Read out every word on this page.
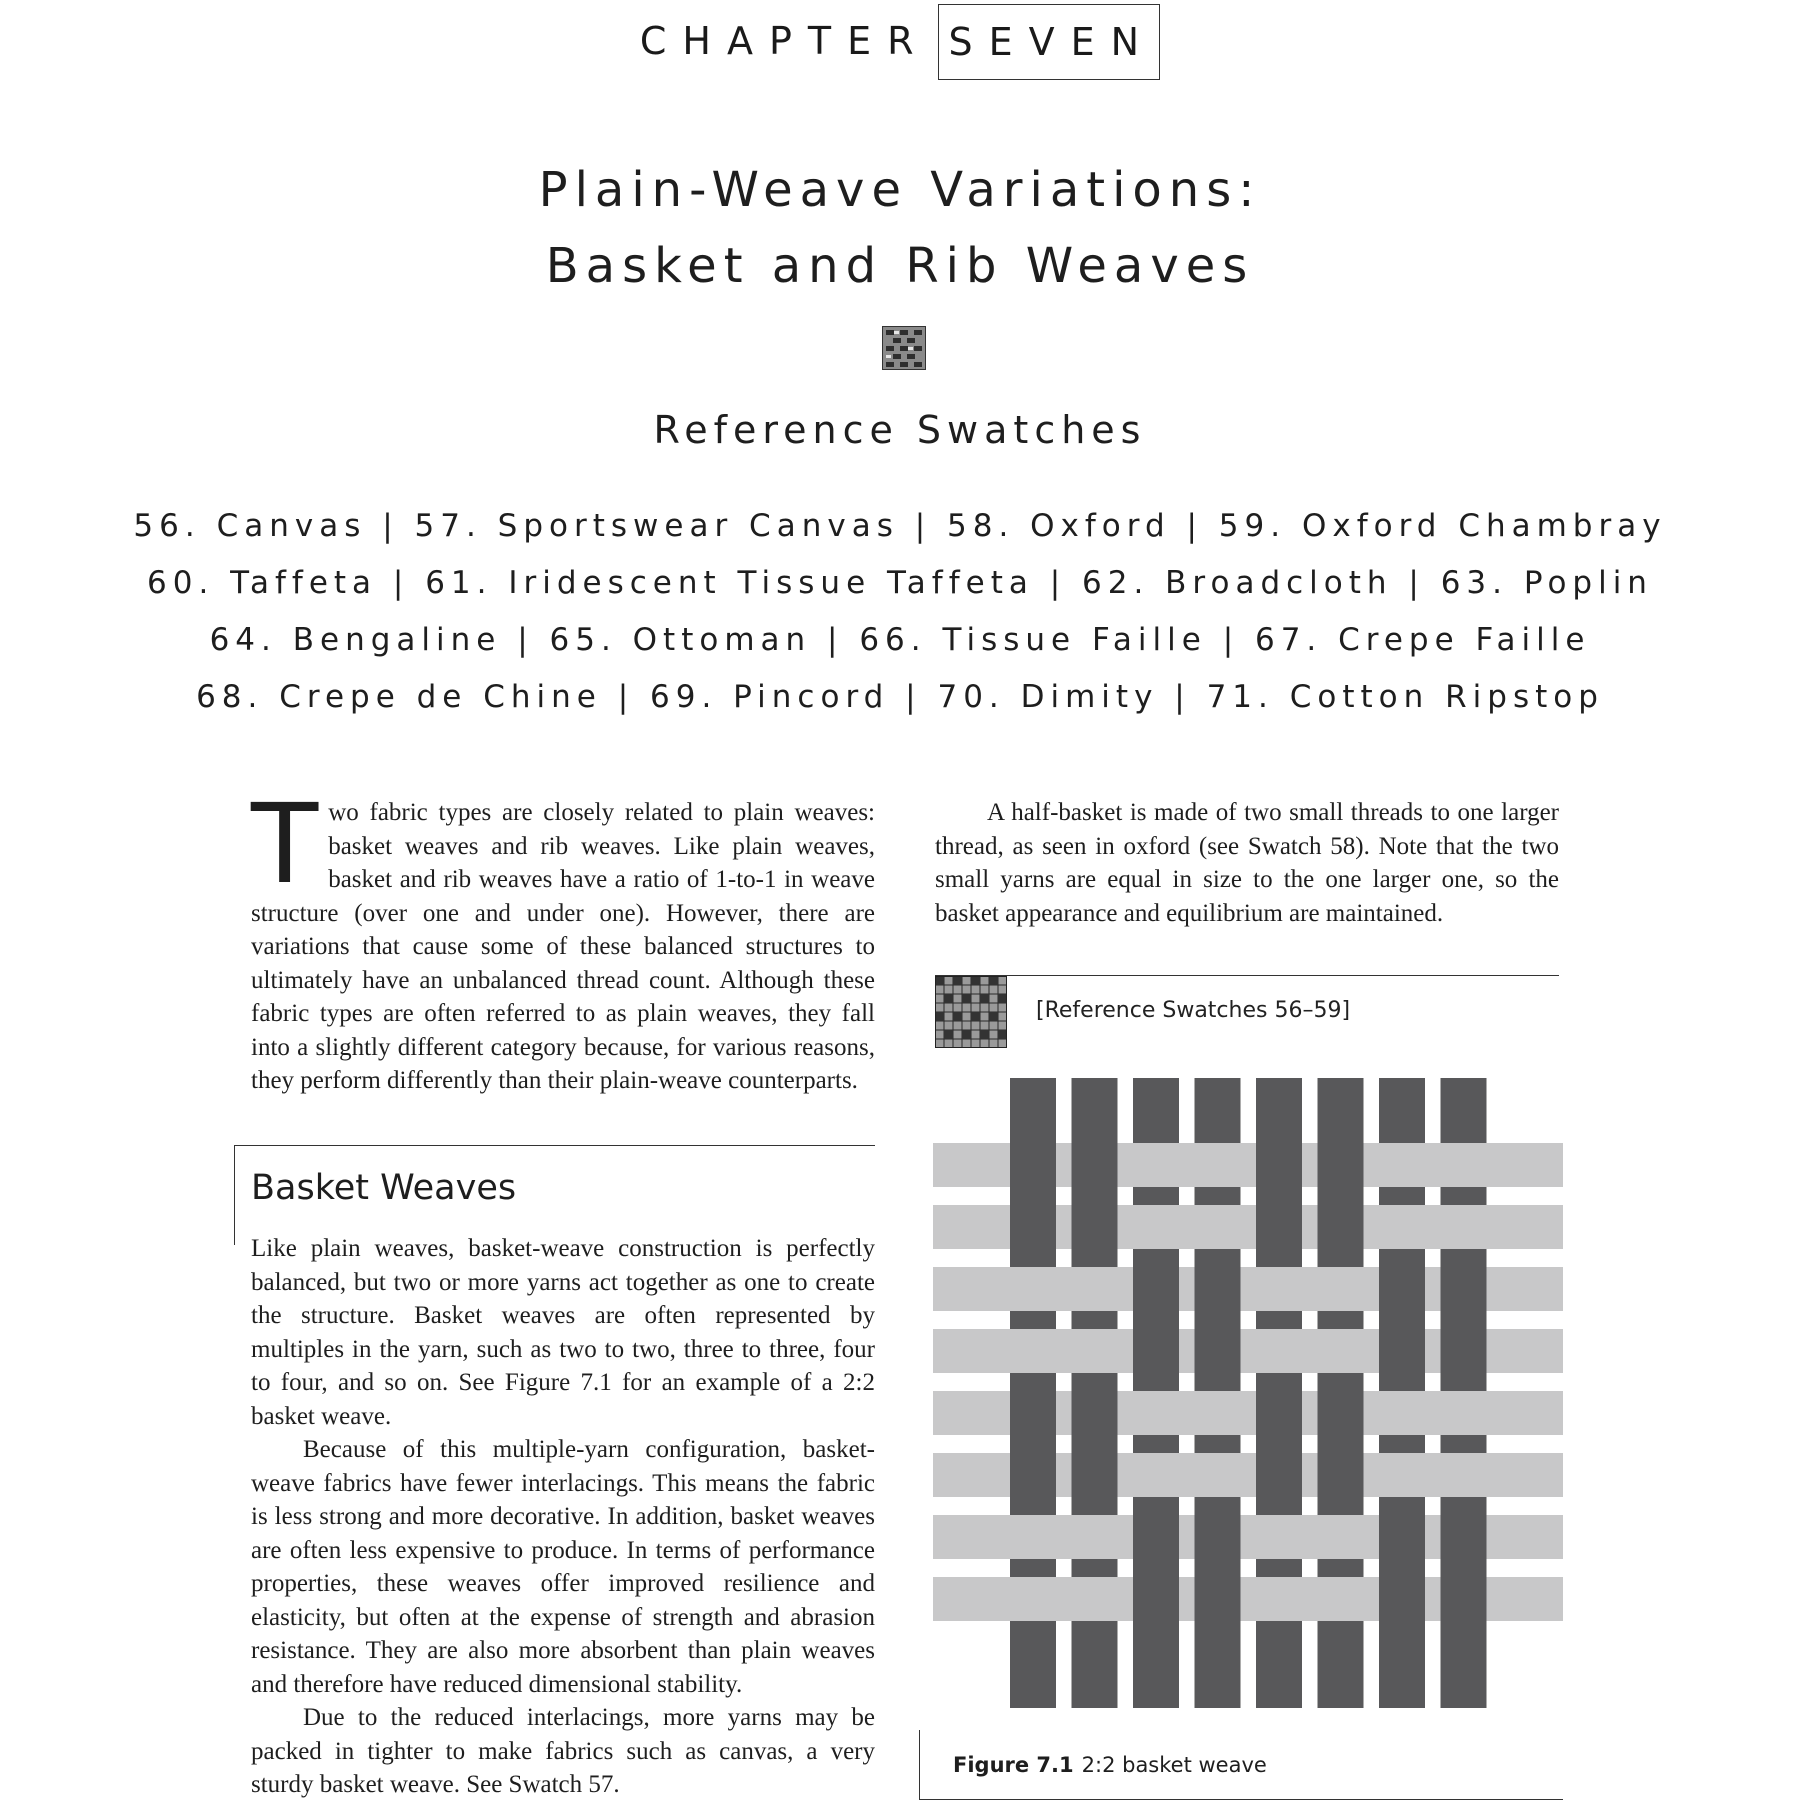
CHAPTER SEVEN
Plain-Weave Variations:
Basket and Rib Weaves
Reference Swatches
56. Canvas | 57. Sportswear Canvas | 58. Oxford | 59. Oxford Chambray
60. Taffeta | 61. Iridescent Tissue Taffeta | 62. Broadcloth | 63. Poplin
64. Bengaline | 65. Ottoman | 66. Tissue Faille | 67. Crepe Faille
68. Crepe de Chine | 69. Pincord | 70. Dimity | 71. Cotton Ripstop
T wo fabric types are closely related to plain weaves: basket weaves and rib weaves. Like plain weaves, basket and rib weaves have a ratio of 1-to-1 in weave structure (over one and under one). However, there are variations that cause some of these balanced structures to ultimately have an unbalanced thread count. Although these fabric types are often referred to as plain weaves, they fall into a slightly different category because, for various reasons, they perform differently than their plain-weave counterparts.

Basket Weaves

Like plain weaves, basket-weave construction is perfectly balanced, but two or more yarns act together as one to create the structure. Basket weaves are often represented by multiples in the yarn, such as two to two, three to three, four to four, and so on. See Figure 7.1 for an example of a 2:2 basket weave.

Because of this multiple-yarn configuration, basket-weave fabrics have fewer interlacings. This means the fabric is less strong and more decorative. In addition, basket weaves are often less expensive to produce. In terms of performance properties, these weaves offer improved resilience and elasticity, but often at the expense of strength and abrasion resistance. They are also more absorbent than plain weaves and therefore have reduced dimensional stability.

Due to the reduced interlacings, more yarns may be packed in tighter to make fabrics such as canvas, a very sturdy basket weave. See Swatch 57.

A half-basket is made of two small threads to one larger thread, as seen in oxford (see Swatch 58). Note that the two small yarns are equal in size to the one larger one, so the basket appearance and equilibrium are maintained.

[Reference Swatches 56–59]
Figure 7.1 2:2 basket weave
